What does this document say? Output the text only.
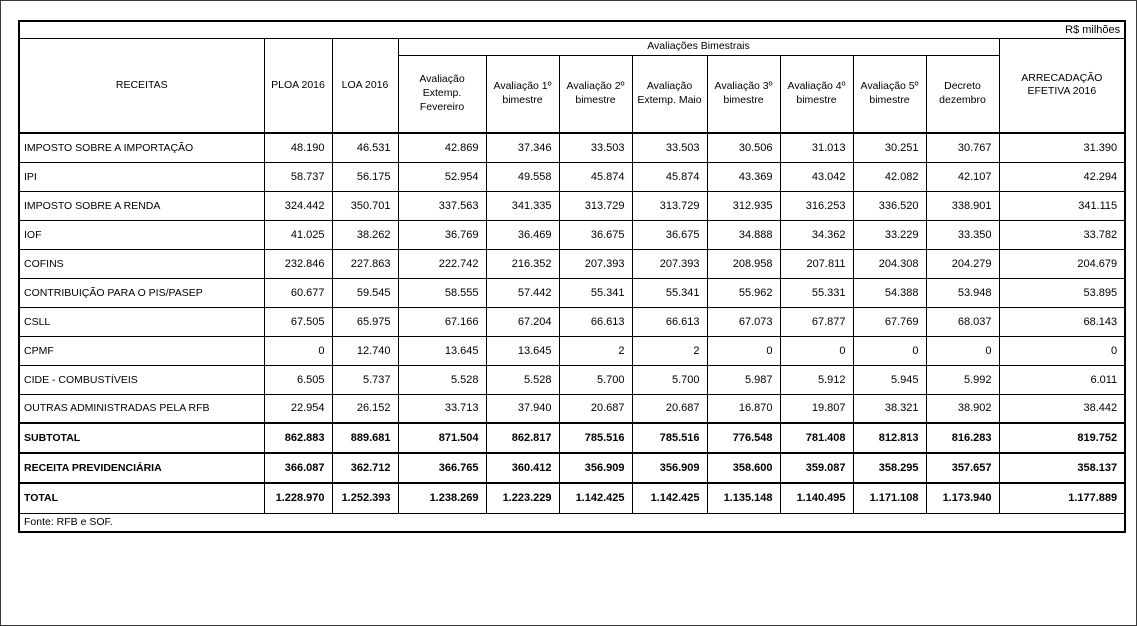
R$ milhões											
RECEITAS	PLOA 2016	LOA 2016	Avaliações Bimestrais								ARRECADAÇÃO EFETIVA 2016
			Avaliação Extemp. Fevereiro	Avaliação 1º bimestre	Avaliação 2º bimestre	Avaliação Extemp. Maio	Avaliação 3º bimestre	Avaliação 4º bimestre	Avaliação 5º bimestre	Decreto dezembro	
IMPOSTO SOBRE A IMPORTAÇÃO	48.190	46.531	42.869	37.346	33.503	33.503	30.506	31.013	30.251	30.767	31.390
IPI	58.737	56.175	52.954	49.558	45.874	45.874	43.369	43.042	42.082	42.107	42.294
IMPOSTO SOBRE A RENDA	324.442	350.701	337.563	341.335	313.729	313.729	312.935	316.253	336.520	338.901	341.115
IOF	41.025	38.262	36.769	36.469	36.675	36.675	34.888	34.362	33.229	33.350	33.782
COFINS	232.846	227.863	222.742	216.352	207.393	207.393	208.958	207.811	204.308	204.279	204.679
CONTRIBUIÇÃO PARA O PIS/PASEP	60.677	59.545	58.555	57.442	55.341	55.341	55.962	55.331	54.388	53.948	53.895
CSLL	67.505	65.975	67.166	67.204	66.613	66.613	67.073	67.877	67.769	68.037	68.143
CPMF	0	12.740	13.645	13.645	2	2	0	0	0	0	0
CIDE - COMBUSTÍVEIS	6.505	5.737	5.528	5.528	5.700	5.700	5.987	5.912	5.945	5.992	6.011
OUTRAS ADMINISTRADAS PELA RFB	22.954	26.152	33.713	37.940	20.687	20.687	16.870	19.807	38.321	38.902	38.442
SUBTOTAL	862.883	889.681	871.504	862.817	785.516	785.516	776.548	781.408	812.813	816.283	819.752
RECEITA PREVIDENCIÁRIA	366.087	362.712	366.765	360.412	356.909	356.909	358.600	359.087	358.295	357.657	358.137
TOTAL	1.228.970	1.252.393	1.238.269	1.223.229	1.142.425	1.142.425	1.135.148	1.140.495	1.171.108	1.173.940	1.177.889
Fonte: RFB e SOF.											
